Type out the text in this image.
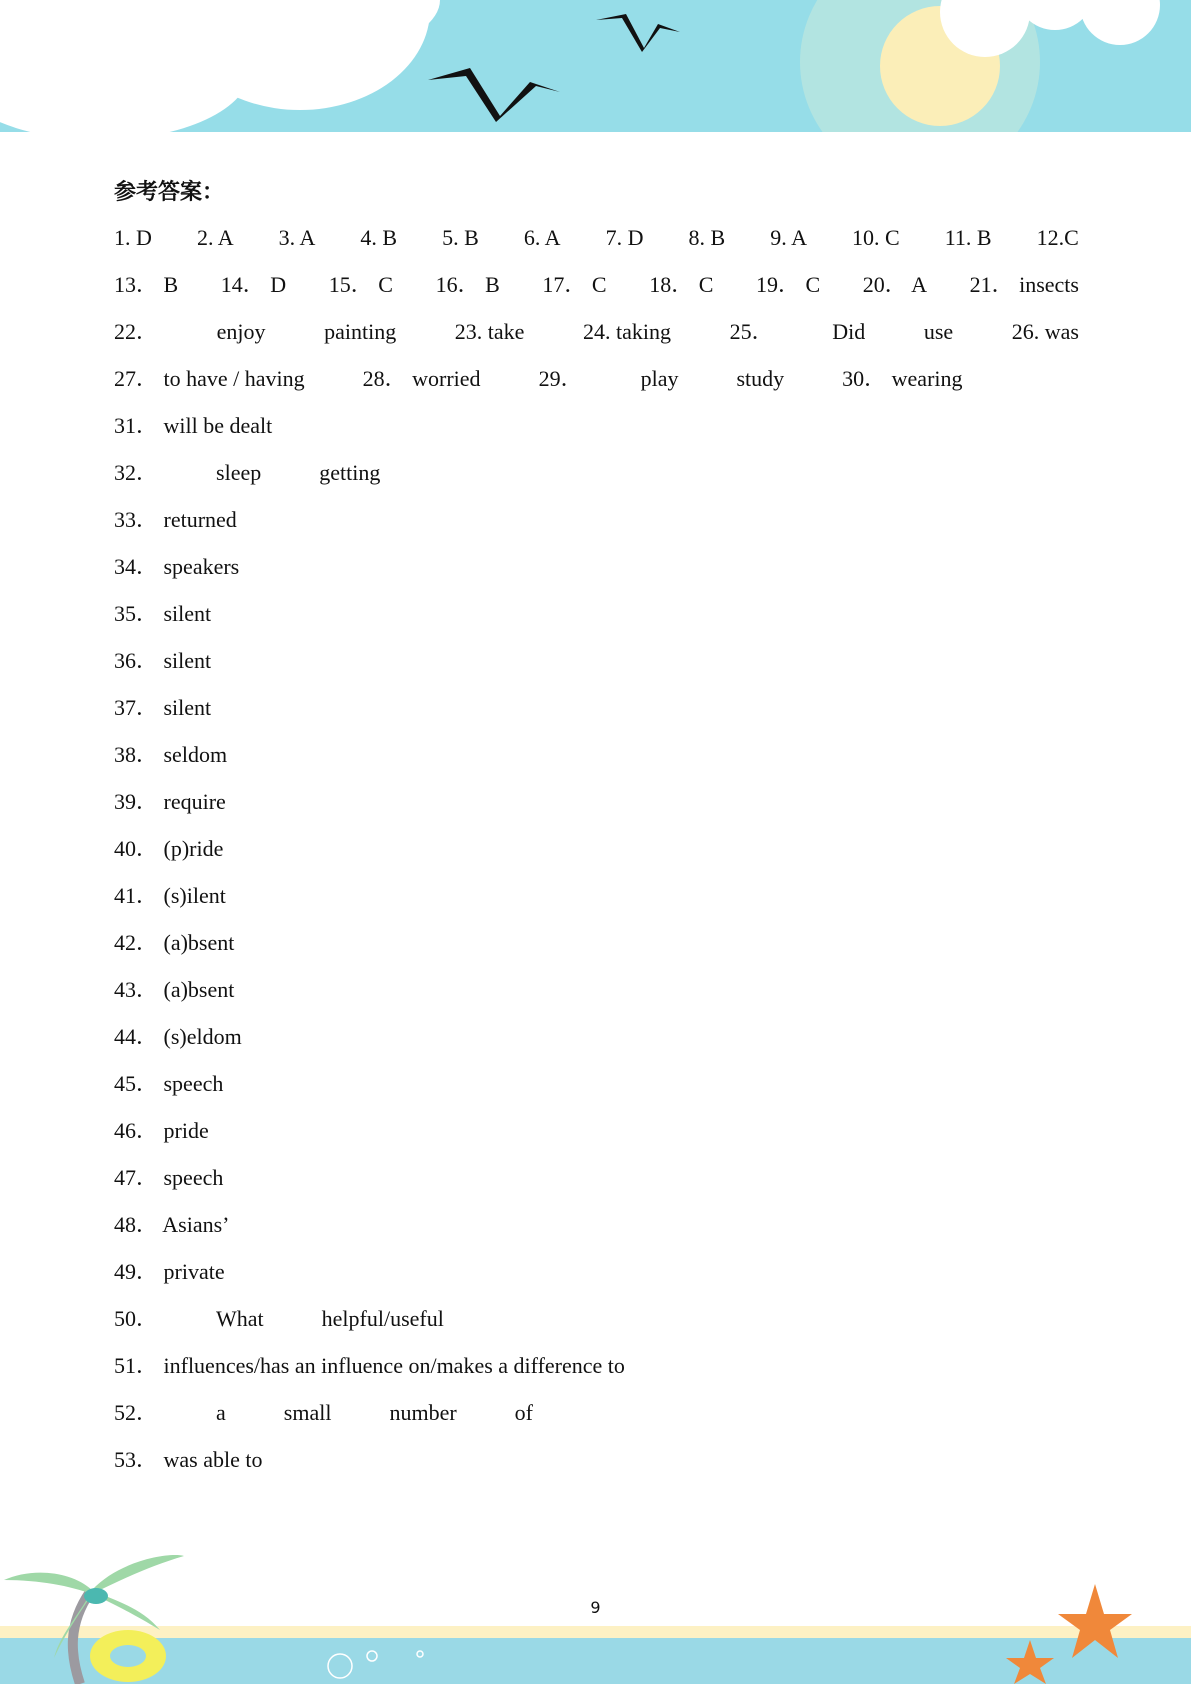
参考答案：
1. D 2. A 3. A 4. B 5. B 6. A 7. D 8. B 9. A 10. C 11. B 12.C
13． B 14． D 15． C 16． B 17． C 18． C 19． C 20． A 21． insects
22．	enjoy	painting	23. take	24. taking	25．	Did	use	26. was
27． to have / having	28． worried	29．	play	study	30． wearing
31． will be dealt
32．	sleep	getting
33． returned
34． speakers
35． silent
36． silent
37． silent
38． seldom
39． require
40． (p)ride
41． (s)ilent
42． (a)bsent
43． (a)bsent
44． (s)eldom
45． speech
46． pride
47． speech
48． Asians’
49． private
50．	What	helpful/useful
51． influences/has an influence on/makes a difference to
52．	a	small	number	of
53． was able to
9
